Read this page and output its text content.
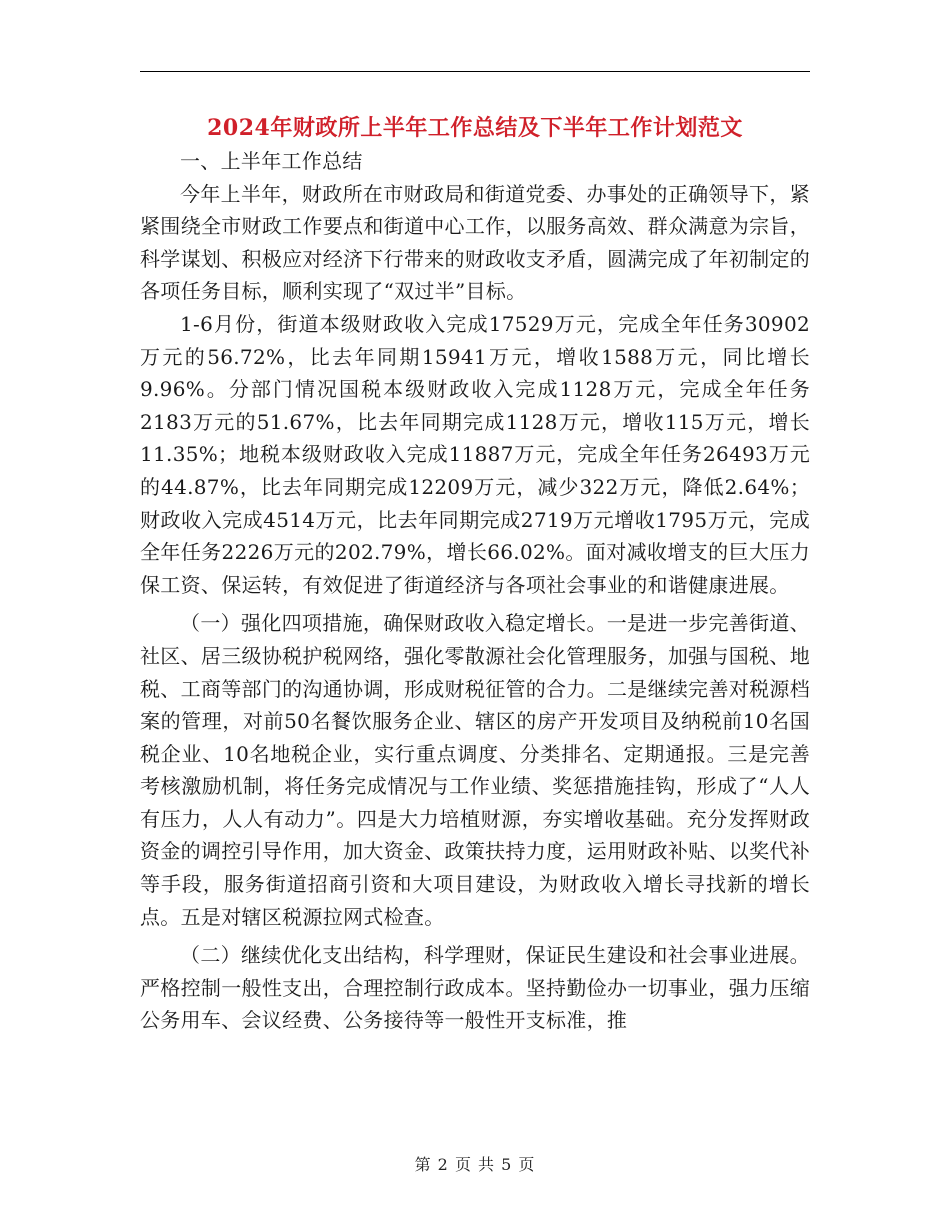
2024年财政所上半年工作总结及下半年工作计划范文

一、上半年工作总结

今年上半年，财政所在市财政局和街道党委、办事处的正确领导下，紧紧围绕全市财政工作要点和街道中心工作，以服务高效、群众满意为宗旨，科学谋划、积极应对经济下行带来的财政收支矛盾，圆满完成了年初制定的各项任务目标，顺利实现了“双过半”目标。

1-6月份，街道本级财政收入完成17529万元，完成全年任务30902万元的56.72%，比去年同期15941万元，增收1588万元，同比增长9.96%。分部门情况国税本级财政收入完成1128万元，完成全年任务2183万元的51.67%，比去年同期完成1128万元，增收115万元，增长11.35%；地税本级财政收入完成11887万元，完成全年任务26493万元的44.87%，比去年同期完成12209万元，减少322万元，降低2.64%；财政收入完成4514万元，比去年同期完成2719万元增收1795万元，完成全年任务2226万元的202.79%，增长66.02%。面对减收增支的巨大压力保工资、保运转，有效促进了街道经济与各项社会事业的和谐健康进展。

（一）强化四项措施，确保财政收入稳定增长。一是进一步完善街道、社区、居三级协税护税网络，强化零散源社会化管理服务，加强与国税、地税、工商等部门的沟通协调，形成财税征管的合力。二是继续完善对税源档案的管理，对前50名餐饮服务企业、辖区的房产开发项目及纳税前10名国税企业、10名地税企业，实行重点调度、分类排名、定期通报。三是完善考核激励机制，将任务完成情况与工作业绩、奖惩措施挂钩，形成了“人人有压力，人人有动力”。四是大力培植财源，夯实增收基础。充分发挥财政资金的调控引导作用，加大资金、政策扶持力度，运用财政补贴、以奖代补等手段，服务街道招商引资和大项目建设，为财政收入增长寻找新的增长点。五是对辖区税源拉网式检查。

（二）继续优化支出结构，科学理财，保证民生建设和社会事业进展。严格控制一般性支出，合理控制行政成本。坚持勤俭办一切事业，强力压缩公务用车、会议经费、公务接待等一般性开支标准，推

第 2 页 共 5 页
